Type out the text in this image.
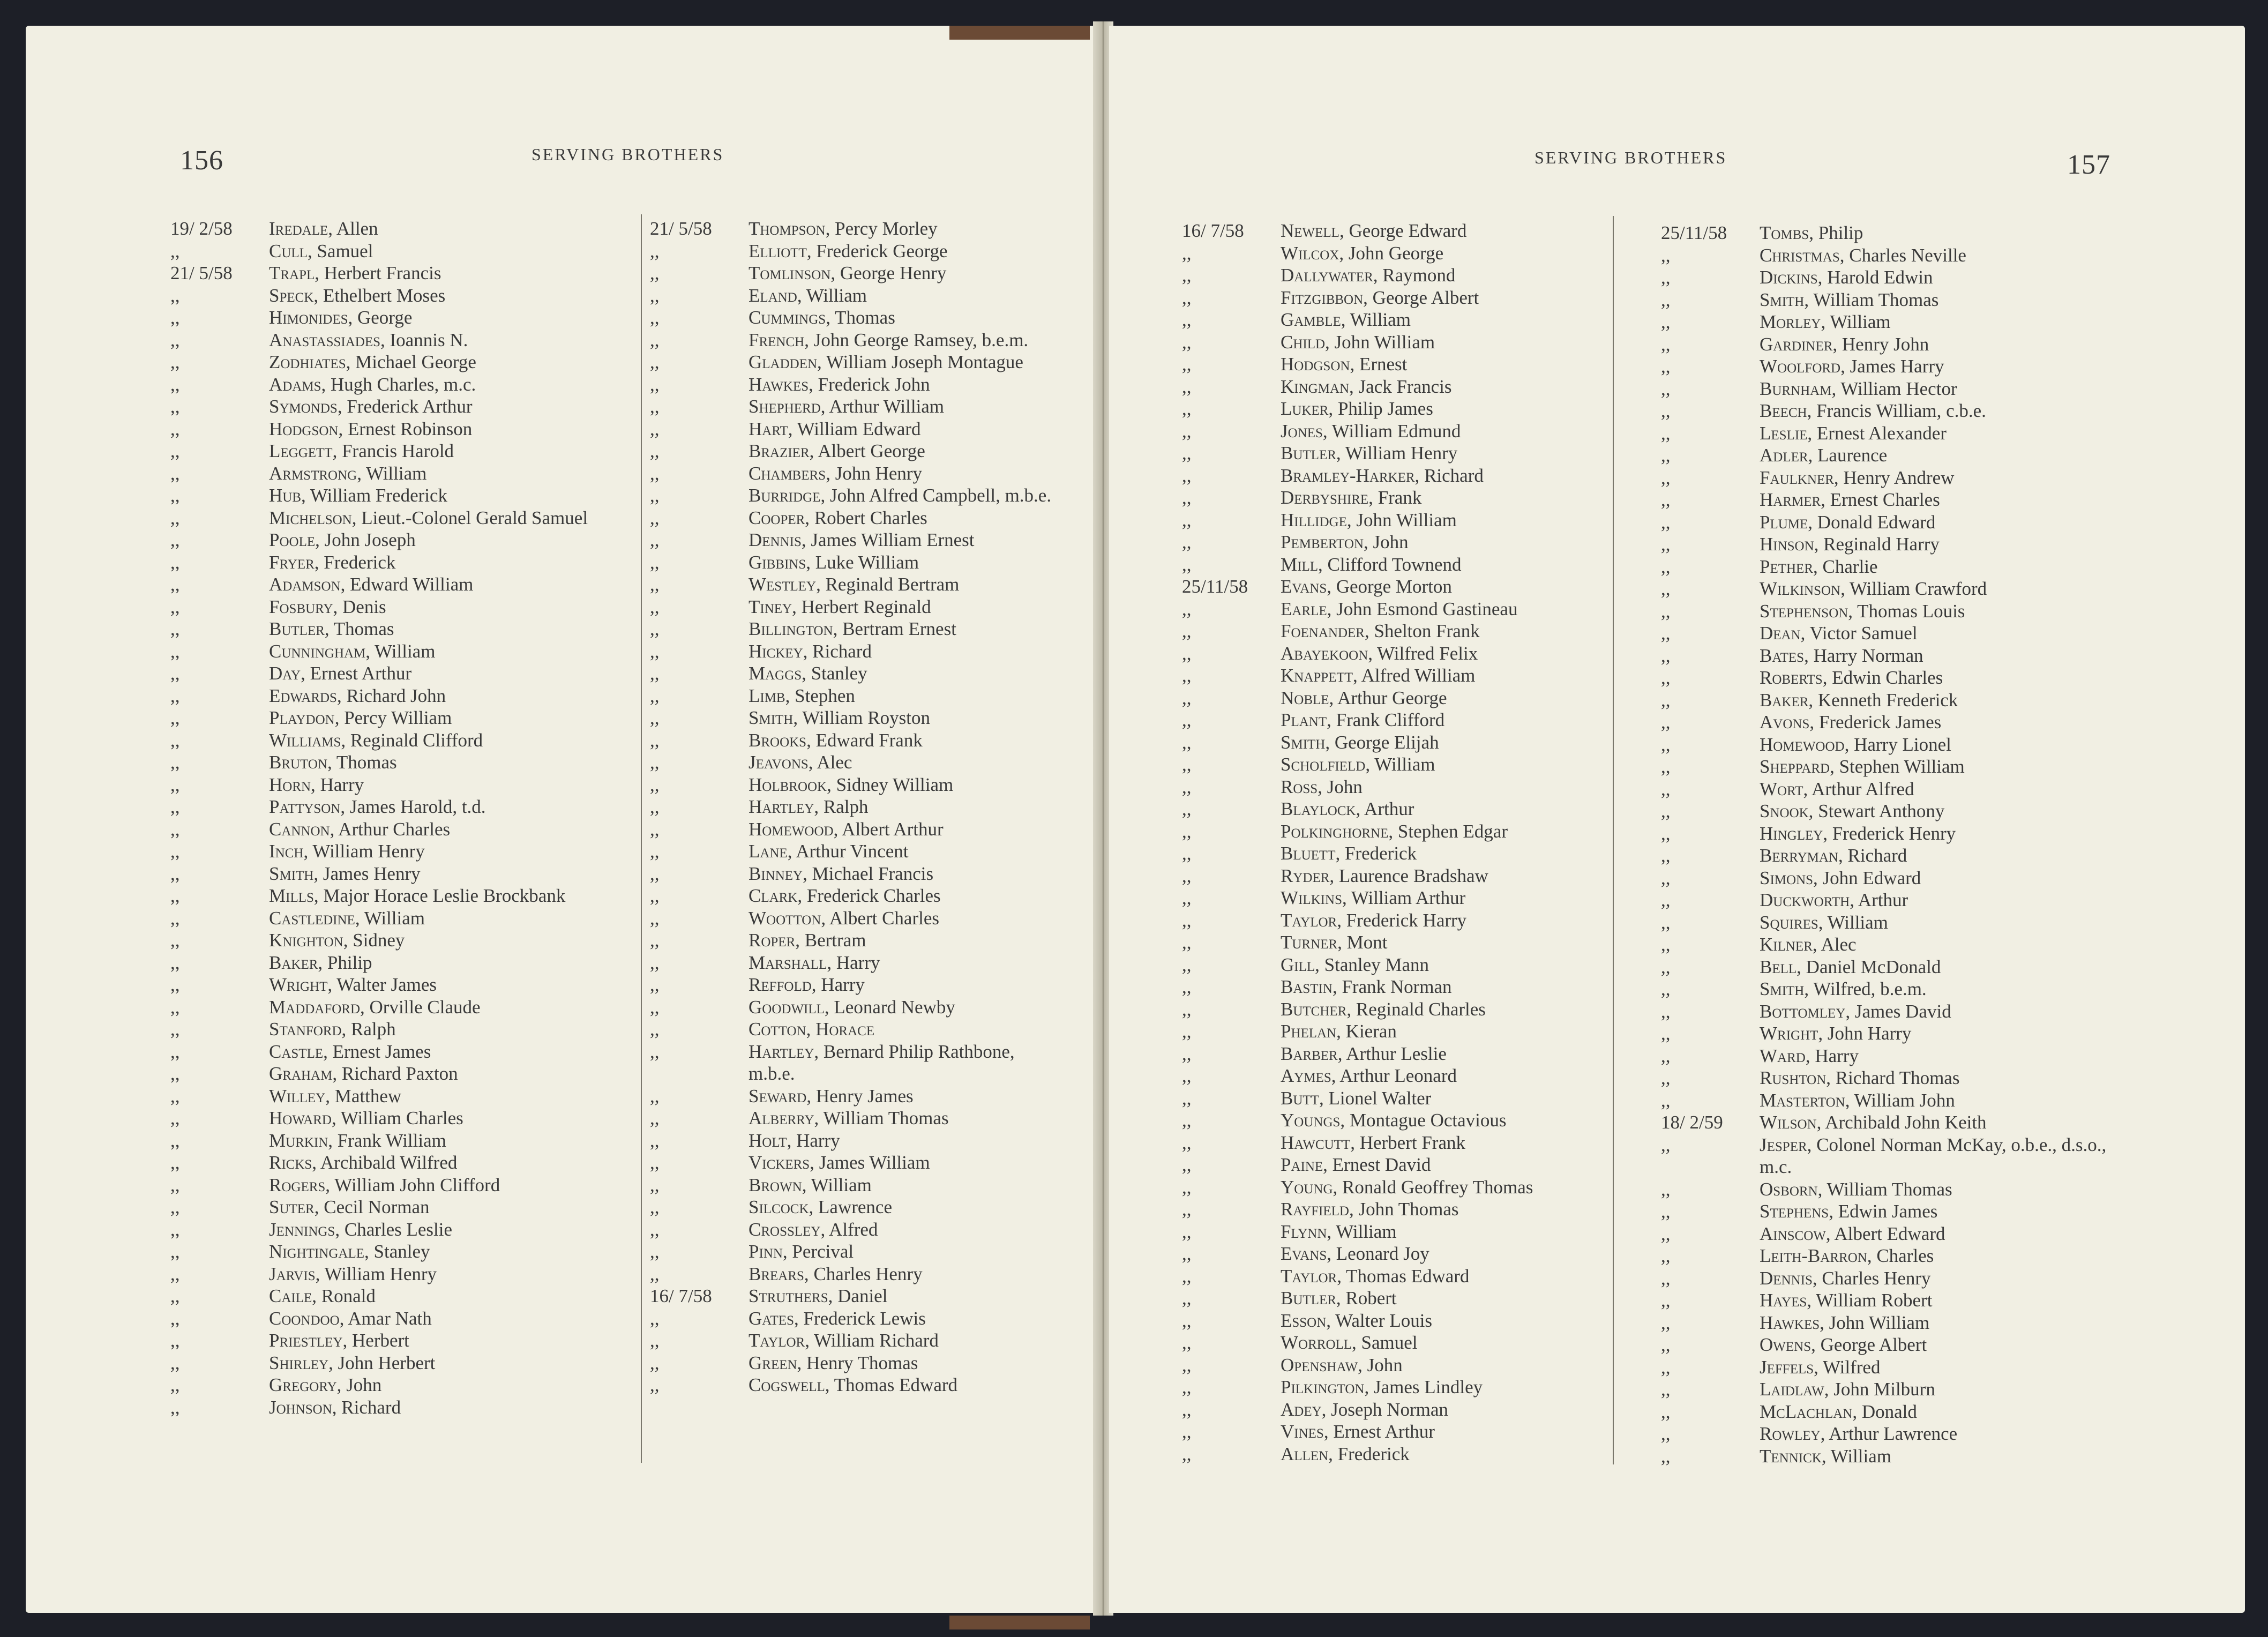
156	SERVING BROTHERS
19/ 2/58	Iredale, Allen
,,	Cull, Samuel
21/ 5/58	Trapl, Herbert Francis
,,	Speck, Ethelbert Moses
,,	Himonides, George
,,	Anastassiades, Ioannis N.
,,	Zodhiates, Michael George
,,	Adams, Hugh Charles, m.c.
,,	Symonds, Frederick Arthur
,,	Hodgson, Ernest Robinson
,,	Leggett, Francis Harold
,,	Armstrong, William
,,	Hub, William Frederick
,,	Michelson, Lieut.-Colonel Gerald Samuel
,,	Poole, John Joseph
,,	Fryer, Frederick
,,	Adamson, Edward William
,,	Fosbury, Denis
,,	Butler, Thomas
,,	Cunningham, William
,,	Day, Ernest Arthur
,,	Edwards, Richard John
,,	Playdon, Percy William
,,	Williams, Reginald Clifford
,,	Bruton, Thomas
,,	Horn, Harry
,,	Pattyson, James Harold, t.d.
,,	Cannon, Arthur Charles
,,	Inch, William Henry
,,	Smith, James Henry
,,	Mills, Major Horace Leslie Brockbank
,,	Castledine, William
,,	Knighton, Sidney
,,	Baker, Philip
,,	Wright, Walter James
,,	Maddaford, Orville Claude
,,	Stanford, Ralph
,,	Castle, Ernest James
,,	Graham, Richard Paxton
,,	Willey, Matthew
,,	Howard, William Charles
,,	Murkin, Frank William
,,	Ricks, Archibald Wilfred
,,	Rogers, William John Clifford
,,	Suter, Cecil Norman
,,	Jennings, Charles Leslie
,,	Nightingale, Stanley
,,	Jarvis, William Henry
,,	Caile, Ronald
,,	Coondoo, Amar Nath
,,	Priestley, Herbert
,,	Shirley, John Herbert
,,	Gregory, John
,,	Johnson, Richard
21/ 5/58	Thompson, Percy Morley
,,	Elliott, Frederick George
,,	Tomlinson, George Henry
,,	Eland, William
,,	Cummings, Thomas
,,	French, John George Ramsey, b.e.m.
,,	Gladden, William Joseph Montague
,,	Hawkes, Frederick John
,,	Shepherd, Arthur William
,,	Hart, William Edward
,,	Brazier, Albert George
,,	Chambers, John Henry
,,	Burridge, John Alfred Campbell, m.b.e.
,,	Cooper, Robert Charles
,,	Dennis, James William Ernest
,,	Gibbins, Luke William
,,	Westley, Reginald Bertram
,,	Tiney, Herbert Reginald
,,	Billington, Bertram Ernest
,,	Hickey, Richard
,,	Maggs, Stanley
,,	Limb, Stephen
,,	Smith, William Royston
,,	Brooks, Edward Frank
,,	Jeavons, Alec
,,	Holbrook, Sidney William
,,	Hartley, Ralph
,,	Homewood, Albert Arthur
,,	Lane, Arthur Vincent
,,	Binney, Michael Francis
,,	Clark, Frederick Charles
,,	Wootton, Albert Charles
,,	Roper, Bertram
,,	Marshall, Harry
,,	Reffold, Harry
,,	Goodwill, Leonard Newby
,,	Cotton, Horace
,,	Hartley, Bernard Philip Rathbone, m.b.e.
,,	Seward, Henry James
,,	Alberry, William Thomas
,,	Holt, Harry
,,	Vickers, James William
,,	Brown, William
,,	Silcock, Lawrence
,,	Crossley, Alfred
,,	Pinn, Percival
,,	Brears, Charles Henry
16/ 7/58	Struthers, Daniel
,,	Gates, Frederick Lewis
,,	Taylor, William Richard
,,	Green, Henry Thomas
,,	Cogswell, Thomas Edward
SERVING BROTHERS	157
16/ 7/58	Newell, George Edward
,,	Wilcox, John George
,,	Dallywater, Raymond
,,	Fitzgibbon, George Albert
,,	Gamble, William
,,	Child, John William
,,	Hodgson, Ernest
,,	Kingman, Jack Francis
,,	Luker, Philip James
,,	Jones, William Edmund
,,	Butler, William Henry
,,	Bramley-Harker, Richard
,,	Derbyshire, Frank
,,	Hillidge, John William
,,	Pemberton, John
,,	Mill, Clifford Townend
25/11/58	Evans, George Morton
,,	Earle, John Esmond Gastineau
,,	Foenander, Shelton Frank
,,	Abayekoon, Wilfred Felix
,,	Knappett, Alfred William
,,	Noble, Arthur George
,,	Plant, Frank Clifford
,,	Smith, George Elijah
,,	Scholfield, William
,,	Ross, John
,,	Blaylock, Arthur
,,	Polkinghorne, Stephen Edgar
,,	Bluett, Frederick
,,	Ryder, Laurence Bradshaw
,,	Wilkins, William Arthur
,,	Taylor, Frederick Harry
,,	Turner, Mont
,,	Gill, Stanley Mann
,,	Bastin, Frank Norman
,,	Butcher, Reginald Charles
,,	Phelan, Kieran
,,	Barber, Arthur Leslie
,,	Aymes, Arthur Leonard
,,	Butt, Lionel Walter
,,	Youngs, Montague Octavious
,,	Hawcutt, Herbert Frank
,,	Paine, Ernest David
,,	Young, Ronald Geoffrey Thomas
,,	Rayfield, John Thomas
,,	Flynn, William
,,	Evans, Leonard Joy
,,	Taylor, Thomas Edward
,,	Butler, Robert
,,	Esson, Walter Louis
,,	Worroll, Samuel
,,	Openshaw, John
,,	Pilkington, James Lindley
,,	Adey, Joseph Norman
,,	Vines, Ernest Arthur
,,	Allen, Frederick
25/11/58	Tombs, Philip
,,	Christmas, Charles Neville
,,	Dickins, Harold Edwin
,,	Smith, William Thomas
,,	Morley, William
,,	Gardiner, Henry John
,,	Woolford, James Harry
,,	Burnham, William Hector
,,	Beech, Francis William, c.b.e.
,,	Leslie, Ernest Alexander
,,	Adler, Laurence
,,	Faulkner, Henry Andrew
,,	Harmer, Ernest Charles
,,	Plume, Donald Edward
,,	Hinson, Reginald Harry
,,	Pether, Charlie
,,	Wilkinson, William Crawford
,,	Stephenson, Thomas Louis
,,	Dean, Victor Samuel
,,	Bates, Harry Norman
,,	Roberts, Edwin Charles
,,	Baker, Kenneth Frederick
,,	Avons, Frederick James
,,	Homewood, Harry Lionel
,,	Sheppard, Stephen William
,,	Wort, Arthur Alfred
,,	Snook, Stewart Anthony
,,	Hingley, Frederick Henry
,,	Berryman, Richard
,,	Simons, John Edward
,,	Duckworth, Arthur
,,	Squires, William
,,	Kilner, Alec
,,	Bell, Daniel McDonald
,,	Smith, Wilfred, b.e.m.
,,	Bottomley, James David
,,	Wright, John Harry
,,	Ward, Harry
,,	Rushton, Richard Thomas
,,	Masterton, William John
18/ 2/59	Wilson, Archibald John Keith
,,	Jesper, Colonel Norman McKay, o.b.e., d.s.o., m.c.
,,	Osborn, William Thomas
,,	Stephens, Edwin James
,,	Ainscow, Albert Edward
,,	Leith-Barron, Charles
,,	Dennis, Charles Henry
,,	Hayes, William Robert
,,	Hawkes, John William
,,	Owens, George Albert
,,	Jeffels, Wilfred
,,	Laidlaw, John Milburn
,,	McLachlan, Donald
,,	Rowley, Arthur Lawrence
,,	Tennick, William
